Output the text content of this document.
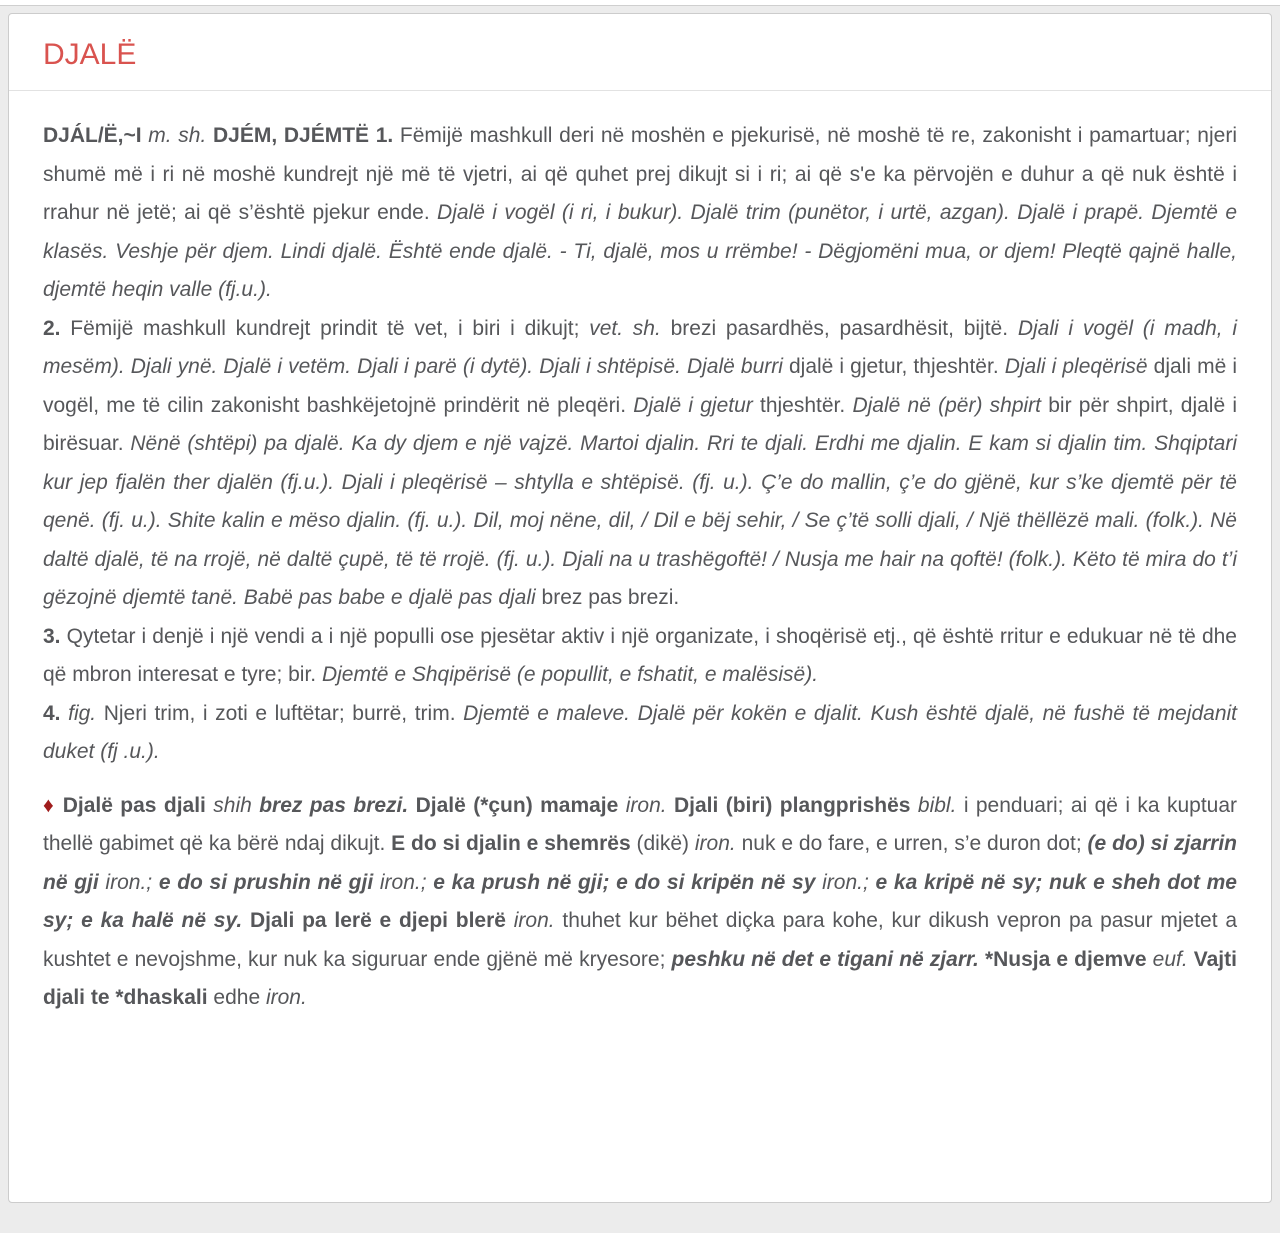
DJALË

DJÁL/Ë,~I m. sh. DJÉM, DJÉMTË 1. Fëmijë mashkull deri në moshën e pjekurisë, në moshë të re, zakonisht i pamartuar; njeri shumë më i ri në moshë kundrejt një më të vjetri, ai që quhet prej dikujt si i ri; ai që s'e ka përvojën e duhur a që nuk është i rrahur në jetë; ai që s’është pjekur ende. Djalë i vogël (i ri, i bukur). Djalë trim (punëtor, i urtë, azgan). Djalë i prapë. Djemtë e klasës. Veshje për djem. Lindi djalë. Është ende djalë. - Ti, djalë, mos u rrëmbe! - Dëgjomëni mua, or djem! Pleqtë qajnë halle, djemtë heqin valle (fj.u.).

2. Fëmijë mashkull kundrejt prindit të vet, i biri i dikujt; vet. sh. brezi pasardhës, pasardhësit, bijtë. Djali i vogël (i madh, i mesëm). Djali ynë. Djalë i vetëm. Djali i parë (i dytë). Djali i shtëpisë. Djalë burri djalë i gjetur, thjeshtër. Djali i pleqërisë djali më i vogël, me të cilin zakonisht bashkëjetojnë prindërit në pleqëri. Djalë i gjetur thjeshtër. Djalë në (për) shpirt bir për shpirt, djalë i birësuar. Nënë (shtëpi) pa djalë. Ka dy djem e një vajzë. Martoi djalin. Rri te djali. Erdhi me djalin. E kam si djalin tim. Shqiptari kur jep fjalën ther djalën (fj.u.). Djali i pleqërisë – shtylla e shtëpisë. (fj. u.). Ç’e do mallin, ç’e do gjënë, kur s’ke djemtë për të qenë. (fj. u.). Shite kalin e mëso djalin. (fj. u.). Dil, moj nëne, dil, / Dil e bëj sehir, / Se ç’të solli djali, / Një thëllëzë mali. (folk.). Në daltë djalë, të na rrojë, në daltë çupë, të të rrojë. (fj. u.). Djali na u trashëgoftë! / Nusja me hair na qoftë! (folk.). Këto të mira do t’i gëzojnë djemtë tanë. Babë pas babe e djalë pas djali brez pas brezi.

3. Qytetar i denjë i një vendi a i një populli ose pjesëtar aktiv i një organizate, i shoqërisë etj., që është rritur e edukuar në të dhe që mbron interesat e tyre; bir. Djemtë e Shqipërisë (e popullit, e fshatit, e malësisë).

4. fig. Njeri trim, i zoti e luftëtar; burrë, trim. Djemtë e maleve. Djalë për kokën e djalit. Kush është djalë, në fushë të mejdanit duket (fj .u.).

♦ Djalë pas djali shih brez pas brezi. Djalë (*çun) mamaje iron. Djali (biri) plangprishës bibl. i penduari; ai që i ka kuptuar thellë gabimet që ka bërë ndaj dikujt. E do si djalin e shemrës (dikë) iron. nuk e do fare, e urren, s’e duron dot; (e do) si zjarrin në gji iron.; e do si prushin në gji iron.; e ka prush në gji; e do si kripën në sy iron.; e ka kripë në sy; nuk e sheh dot me sy; e ka halë në sy. Djali pa lerë e djepi blerë iron. thuhet kur bëhet diçka para kohe, kur dikush vepron pa pasur mjetet a kushtet e nevojshme, kur nuk ka siguruar ende gjënë më kryesore; peshku në det e tigani në zjarr. *Nusja e djemve euf. Vajti djali te *dhaskali edhe iron.
